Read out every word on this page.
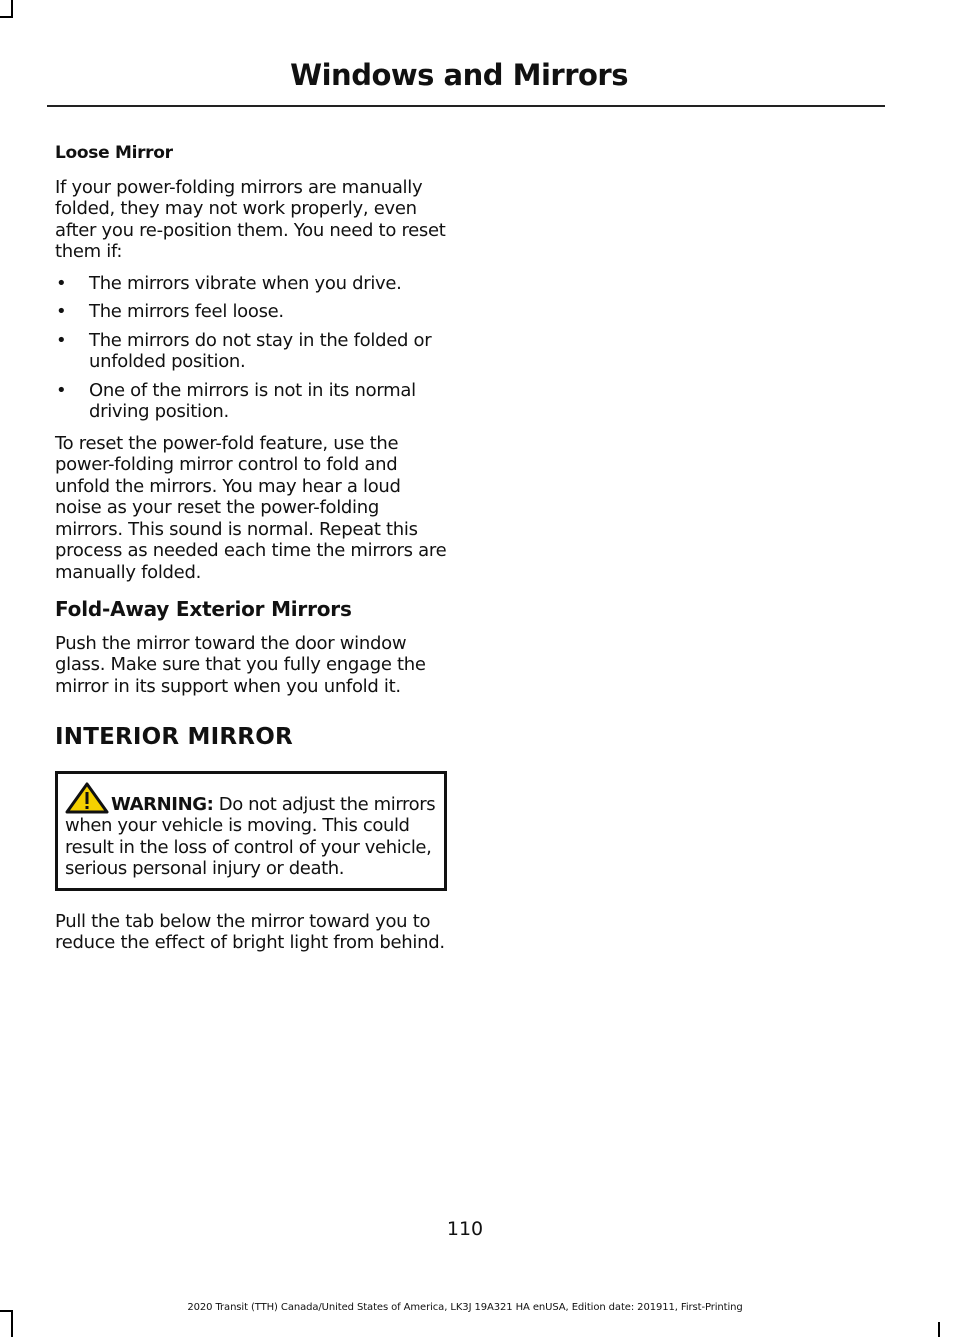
Windows and Mirrors

Loose Mirror

If your power-folding mirrors are manually folded, they may not work properly, even after you re-position them. You need to reset them if:

• The mirrors vibrate when you drive.
• The mirrors feel loose.
• The mirrors do not stay in the folded or unfolded position.
• One of the mirrors is not in its normal driving position.

To reset the power-fold feature, use the power-folding mirror control to fold and unfold the mirrors. You may hear a loud noise as your reset the power-folding mirrors. This sound is normal. Repeat this process as needed each time the mirrors are manually folded.

Fold-Away Exterior Mirrors

Push the mirror toward the door window glass. Make sure that you fully engage the mirror in its support when you unfold it.

INTERIOR MIRROR

WARNING: Do not adjust the mirrors when your vehicle is moving. This could result in the loss of control of your vehicle, serious personal injury or death.

Pull the tab below the mirror toward you to reduce the effect of bright light from behind.

110
2020 Transit (TTH) Canada/United States of America, LK3J 19A321 HA enUSA, Edition date: 201911, First-Printing
